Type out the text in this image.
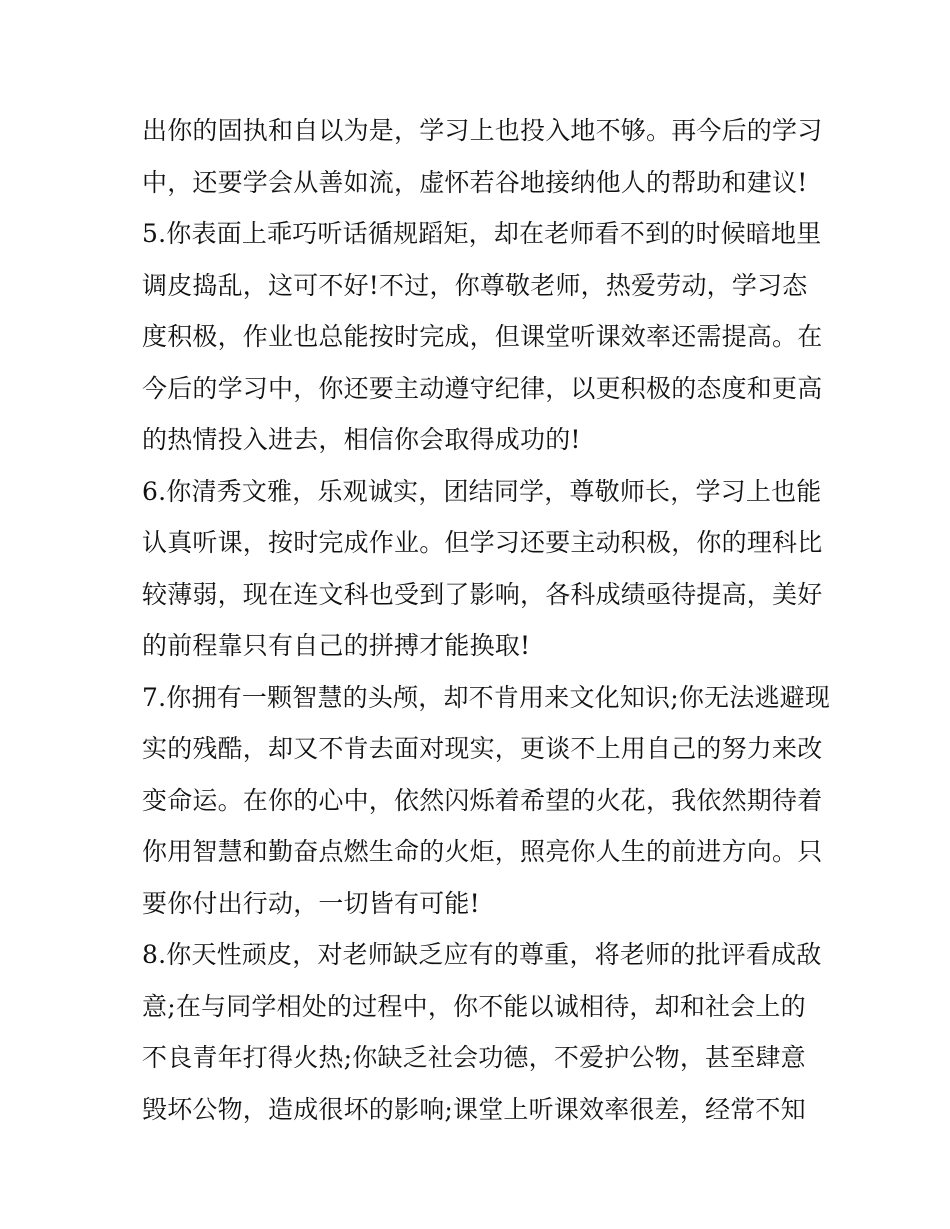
出你的固执和自以为是，学习上也投入地不够。再今后的学习
中，还要学会从善如流，虚怀若谷地接纳他人的帮助和建议!
5.你表面上乖巧听话循规蹈矩，却在老师看不到的时候暗地里
调皮捣乱，这可不好!不过，你尊敬老师，热爱劳动，学习态
度积极，作业也总能按时完成，但课堂听课效率还需提高。在
今后的学习中，你还要主动遵守纪律，以更积极的态度和更高
的热情投入进去，相信你会取得成功的!
6.你清秀文雅，乐观诚实，团结同学，尊敬师长，学习上也能
认真听课，按时完成作业。但学习还要主动积极，你的理科比
较薄弱，现在连文科也受到了影响，各科成绩亟待提高，美好
的前程靠只有自己的拼搏才能换取!
7.你拥有一颗智慧的头颅，却不肯用来文化知识;你无法逃避现
实的残酷，却又不肯去面对现实，更谈不上用自己的努力来改
变命运。在你的心中，依然闪烁着希望的火花，我依然期待着
你用智慧和勤奋点燃生命的火炬，照亮你人生的前进方向。只
要你付出行动，一切皆有可能!
8.你天性顽皮，对老师缺乏应有的尊重，将老师的批评看成敌
意;在与同学相处的过程中，你不能以诚相待，却和社会上的
不良青年打得火热;你缺乏社会功德，不爱护公物，甚至肆意
毁坏公物，造成很坏的影响;课堂上听课效率很差，经常不知
